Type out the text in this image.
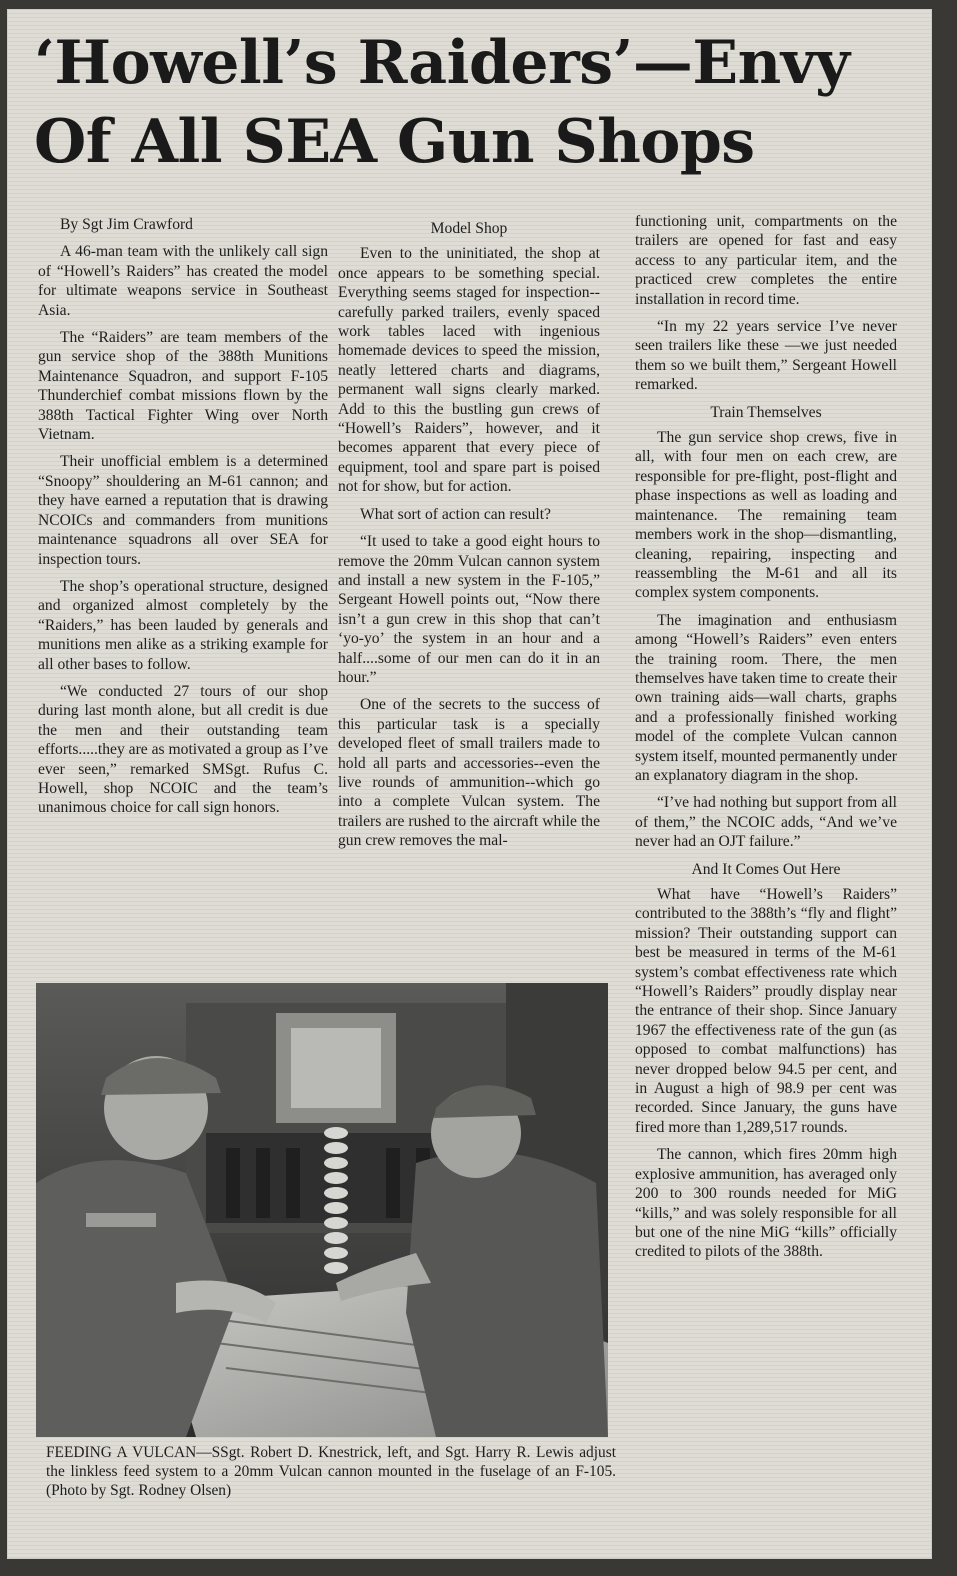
‘Howell’s Raiders’—Envy
Of All SEA Gun Shops

By Sgt Jim Crawford

A 46-man team with the unlikely call sign of “Howell’s Raiders” has created the model for ultimate weapons service in Southeast Asia.

The “Raiders” are team members of the gun service shop of the 388th Munitions Maintenance Squadron, and support F-105 Thunderchief combat missions flown by the 388th Tactical Fighter Wing over North Vietnam.

Their unofficial emblem is a determined “Snoopy” shouldering an M-61 cannon; and they have earned a reputation that is drawing NCOICs and commanders from munitions maintenance squadrons all over SEA for inspection tours.

The shop’s operational structure, designed and organized almost completely by the “Raiders,” has been lauded by generals and munitions men alike as a striking example for all other bases to follow.

“We conducted 27 tours of our shop during last month alone, but all credit is due the men and their outstanding team efforts.....they are as motivated a group as I’ve ever seen,” remarked SMSgt. Rufus C. Howell, shop NCOIC and the team’s unanimous choice for call sign honors.

Model Shop

Even to the uninitiated, the shop at once appears to be something special. Everything seems staged for inspection--carefully parked trailers, evenly spaced work tables laced with ingenious homemade devices to speed the mission, neatly lettered charts and diagrams, permanent wall signs clearly marked. Add to this the bustling gun crews of “Howell’s Raiders”, however, and it becomes apparent that every piece of equipment, tool and spare part is poised not for show, but for action.

What sort of action can result?

“It used to take a good eight hours to remove the 20mm Vulcan cannon system and install a new system in the F-105,” Sergeant Howell points out, “Now there isn’t a gun crew in this shop that can’t ‘yo-yo’ the system in an hour and a half....some of our men can do it in an hour.”

One of the secrets to the success of this particular task is a specially developed fleet of small trailers made to hold all parts and accessories--even the live rounds of ammunition--which go into a complete Vulcan system. The trailers are rushed to the aircraft while the gun crew removes the mal-

functioning unit, compartments on the trailers are opened for fast and easy access to any particular item, and the practiced crew completes the entire installation in record time.

“In my 22 years service I’ve never seen trailers like these —we just needed them so we built them,” Sergeant Howell remarked.

Train Themselves

The gun service shop crews, five in all, with four men on each crew, are responsible for pre-flight, post-flight and phase inspections as well as loading and maintenance. The remaining team members work in the shop—dismantling, cleaning, repairing, inspecting and reassembling the M-61 and all its complex system components.

The imagination and enthusiasm among “Howell’s Raiders” even enters the training room. There, the men themselves have taken time to create their own training aids—wall charts, graphs and a professionally finished working model of the complete Vulcan cannon system itself, mounted permanently under an explanatory diagram in the shop.

“I’ve had nothing but support from all of them,” the NCOIC adds, “And we’ve never had an OJT failure.”

And It Comes Out Here

What have “Howell’s Raiders” contributed to the 388th’s “fly and flight” mission? Their outstanding support can best be measured in terms of the M-61 system’s combat effectiveness rate which “Howell’s Raiders” proudly display near the entrance of their shop. Since January 1967 the effectiveness rate of the gun (as opposed to combat malfunctions) has never dropped below 94.5 per cent, and in August a high of 98.9 per cent was recorded. Since January, the guns have fired more than 1,289,517 rounds.

The cannon, which fires 20mm high explosive ammunition, has averaged only 200 to 300 rounds needed for MiG “kills,” and was solely responsible for all but one of the nine MiG “kills” officially credited to pilots of the 388th.

FEEDING A VULCAN—SSgt. Robert D. Knestrick, left, and Sgt. Harry R. Lewis adjust the linkless feed system to a 20mm Vulcan cannon mounted in the fuselage of an F-105. (Photo by Sgt. Rodney Olsen)
